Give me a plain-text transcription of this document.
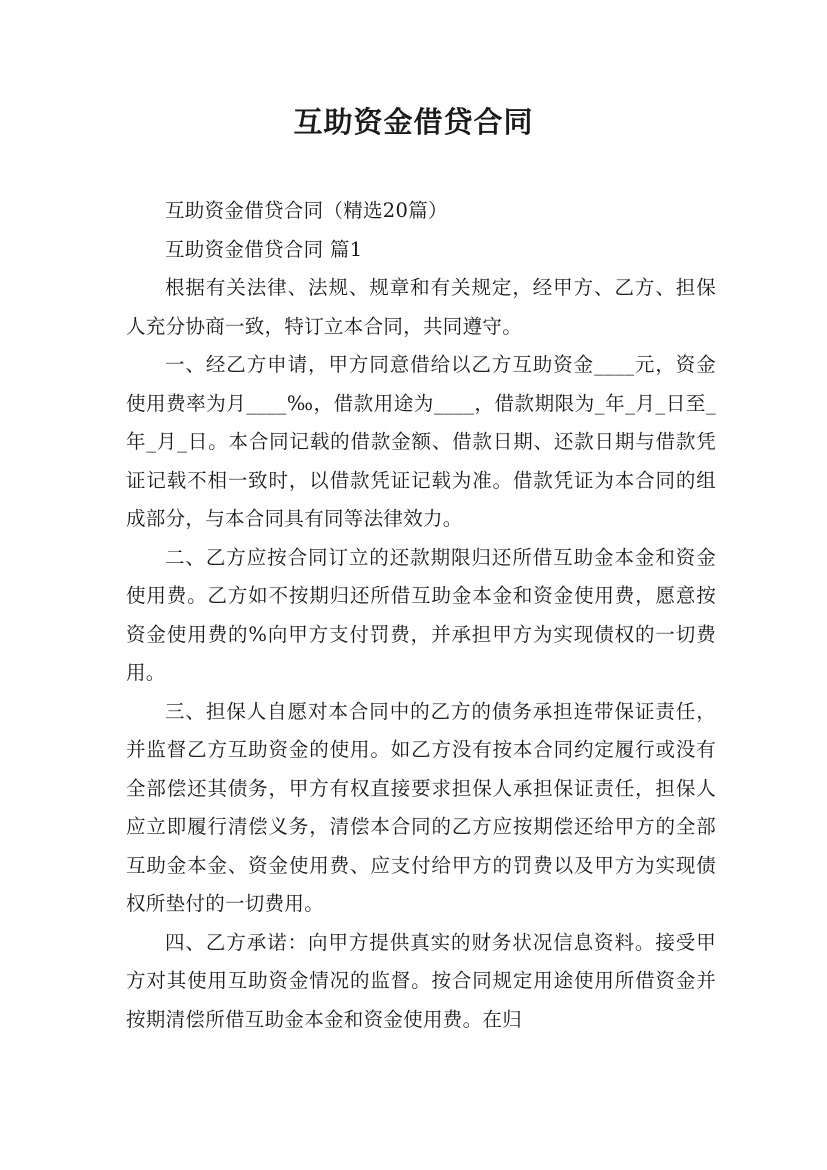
互助资金借贷合同

互助资金借贷合同（精选20篇）

互助资金借贷合同 篇1

根据有关法律、法规、规章和有关规定，经甲方、乙方、担保人充分协商一致，特订立本合同，共同遵守。

一、经乙方申请，甲方同意借给以乙方互助资金____元，资金使用费率为月____‰，借款用途为____，借款期限为_年_月_日至_年_月_日。本合同记载的借款金额、借款日期、还款日期与借款凭证记载不相一致时，以借款凭证记载为准。借款凭证为本合同的组成部分，与本合同具有同等法律效力。

二、乙方应按合同订立的还款期限归还所借互助金本金和资金使用费。乙方如不按期归还所借互助金本金和资金使用费，愿意按资金使用费的%向甲方支付罚费，并承担甲方为实现债权的一切费用。

三、担保人自愿对本合同中的乙方的债务承担连带保证责任，并监督乙方互助资金的使用。如乙方没有按本合同约定履行或没有全部偿还其债务，甲方有权直接要求担保人承担保证责任，担保人应立即履行清偿义务，清偿本合同的乙方应按期偿还给甲方的全部互助金本金、资金使用费、应支付给甲方的罚费以及甲方为实现债权所垫付的一切费用。

四、乙方承诺：向甲方提供真实的财务状况信息资料。接受甲方对其使用互助资金情况的监督。按合同规定用途使用所借资金并按期清偿所借互助金本金和资金使用费。在归
